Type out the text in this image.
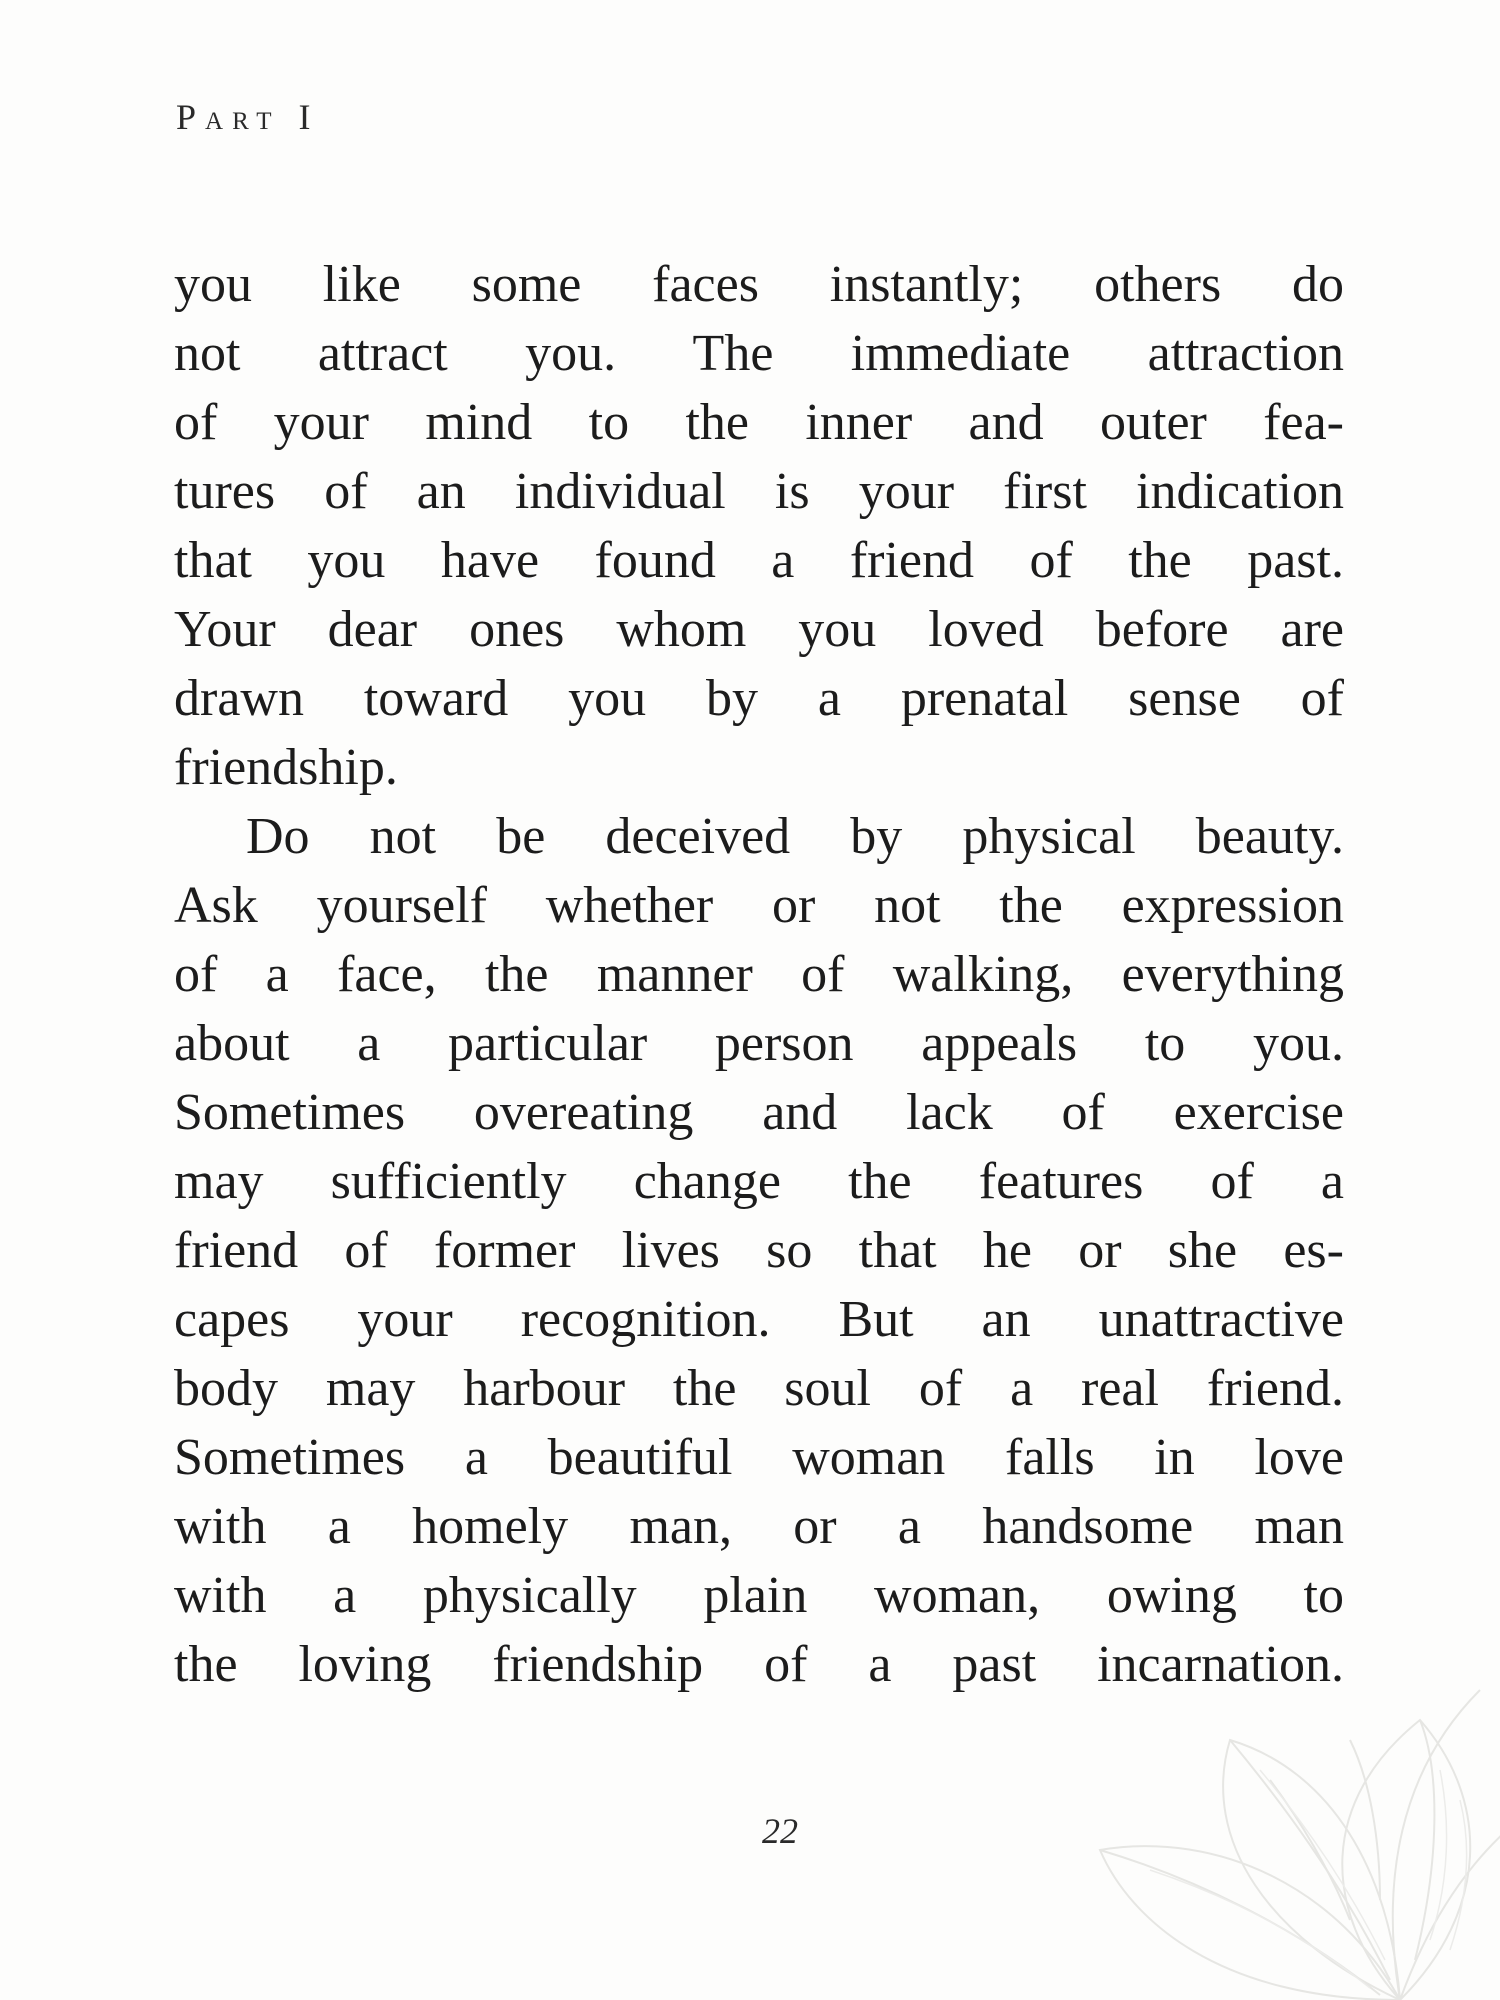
Part I
you like some faces instantly; others do
not attract you. The immediate attraction
of your mind to the inner and outer fea-
tures of an individual is your first indication
that you have found a friend of the past.
Your dear ones whom you loved before are
drawn toward you by a prenatal sense of
friendship.
Do not be deceived by physical beauty.
Ask yourself whether or not the expression
of a face, the manner of walking, everything
about a particular person appeals to you.
Sometimes overeating and lack of exercise
may sufficiently change the features of a
friend of former lives so that he or she es-
capes your recognition. But an unattractive
body may harbour the soul of a real friend.
Sometimes a beautiful woman falls in love
with a homely man, or a handsome man
with a physically plain woman, owing to
the loving friendship of a past incarnation.
22
